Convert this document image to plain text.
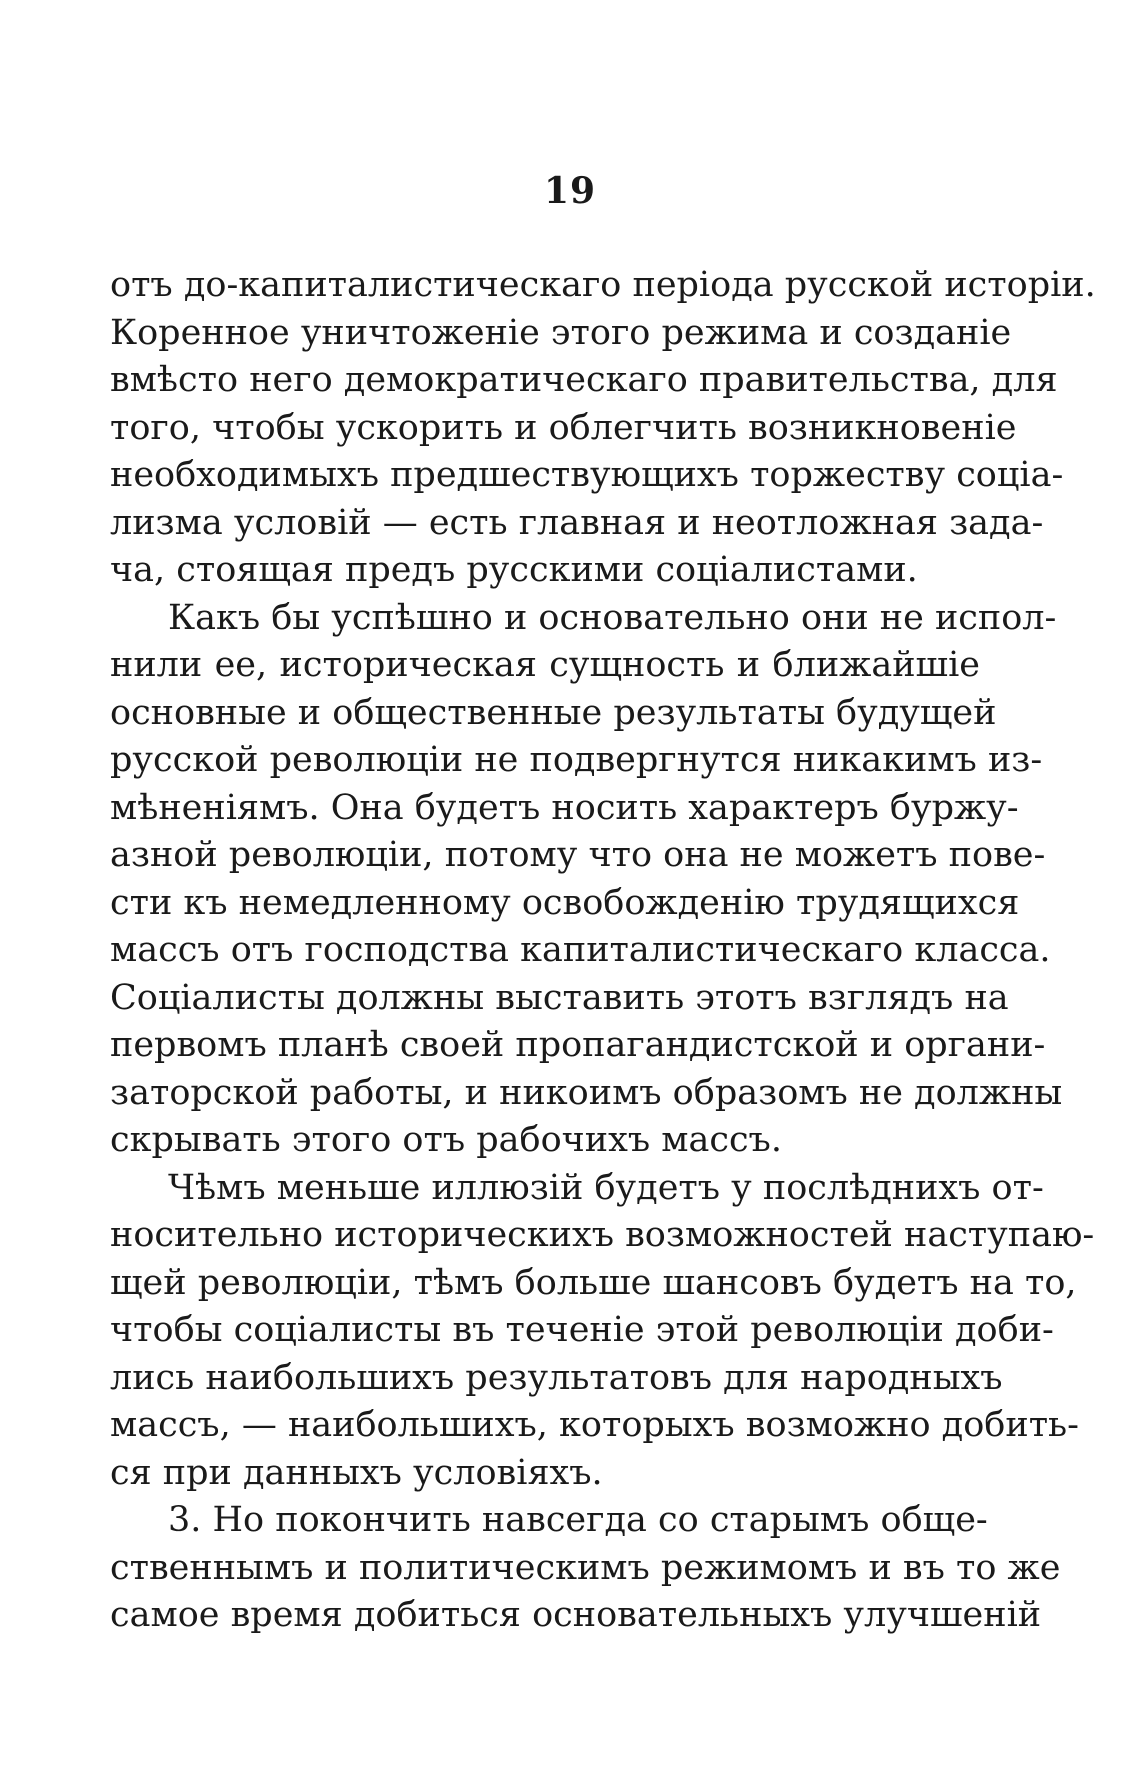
19
отъ до-капиталистическаго періода русской исторіи.
Коренное уничтоженіе этого режима и созданіе
вмѣсто него демократическаго правительства, для
того, чтобы ускорить и облегчить возникновеніе
необходимыхъ предшествующихъ торжеству соціа-
лизма условій — есть главная и неотложная зада-
ча, стоящая предъ русскими соціалистами.
Какъ бы успѣшно и основательно они не испол-
нили ее, историческая сущность и ближайшіе
основные и общественные результаты будущей
русской революціи не подвергнутся никакимъ из-
мѣненіямъ. Она будетъ носить характеръ буржу-
азной революціи, потому что она не можетъ пове-
сти къ немедленному освобожденію трудящихся
массъ отъ господства капиталистическаго класса.
Соціалисты должны выставить этотъ взглядъ на
первомъ планѣ своей пропагандистской и органи-
заторской работы, и никоимъ образомъ не должны
скрывать этого отъ рабочихъ массъ.
Чѣмъ меньше иллюзій будетъ у послѣднихъ от-
носительно историческихъ возможностей наступаю-
щей революціи, тѣмъ больше шансовъ будетъ на то,
чтобы соціалисты въ теченіе этой революціи доби-
лись наибольшихъ результатовъ для народныхъ
массъ, — наибольшихъ, которыхъ возможно добить-
ся при данныхъ условіяхъ.
3. Но покончить навсегда со старымъ обще-
ственнымъ и политическимъ режимомъ и въ то же
самое время добиться основательныхъ улучшеній
